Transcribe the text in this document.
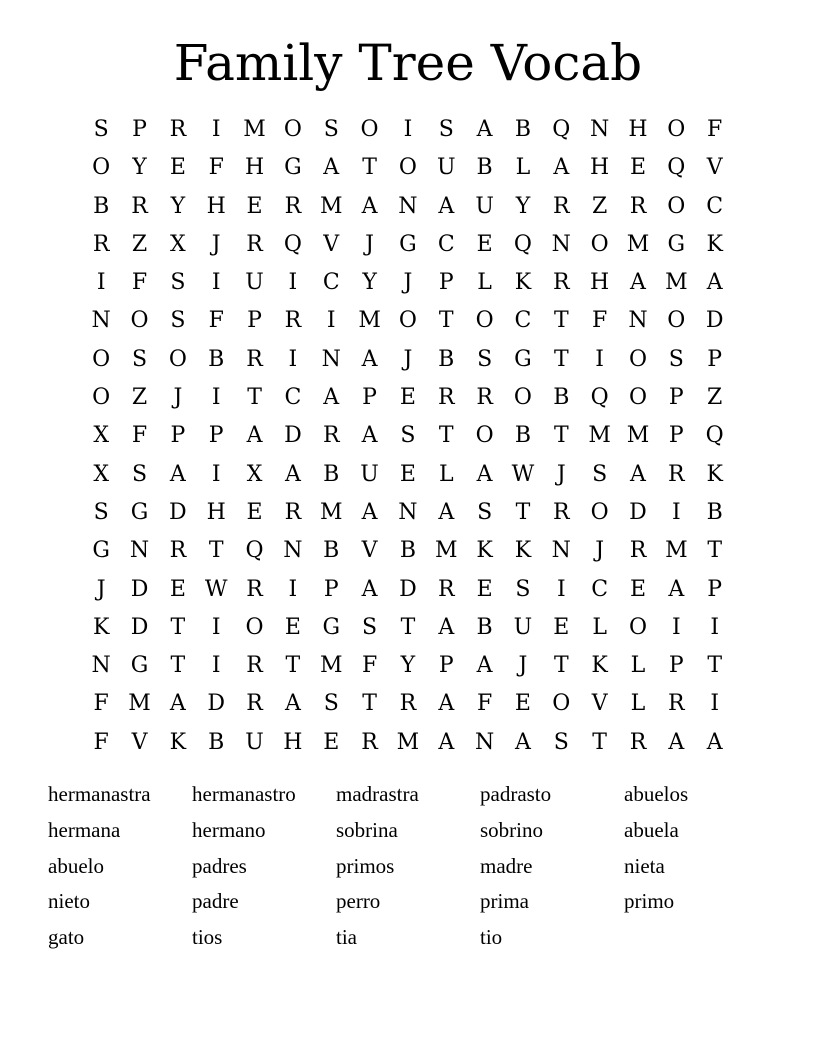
Family Tree Vocab
S	P	R	I	M O S O	I	S	A	B Q N H O F
O	Y	E	F H G A	T O U B	L	A H E Q V
B R	Y H E	R M A N A U Y	R	Z	R O C
R	Z	X	J	R Q V	J	G C E Q N O M G K
I	F	S	I	U	I	C	Y	J	P	L	K R H A M A
N O S	F	P	R	I	M O T O C	T	F N O D
O S O B R	I	N A	J	B	S	G	T	I	O S	P
O Z	J	I	T	C A	P	E	R R O B Q O P	Z
X	F	P	P	A D R	A	S	T O B	T M M P Q
X	S	A	I	X	A	B U E	L	A W	J	S	A	R K
S	G D H E	R M A N A	S	T	R O D	I	B
G N R	T Q N B	V	B M K K N	J	R M T
J	D E W R	I	P	A D R	E	S	I	C E	A	P
K D	T	I	O E G	S	T	A	B U E	L	O	I	I
N G	T	I	R	T M F	Y	P	A	J	T	K	L	P	T
F M A D R	A	S	T	R	A	F	E O V	L	R	I
F	V	K	B U H E	R M A N A	S	T	R	A	A
hermanastra	hermanastro	madrastra	padrasto	abuelos
hermana	hermano	sobrina	sobrino	abuela
abuelo	padres	primos	madre	nieta
nieto	padre	perro	prima	primo
gato	tios	tia	tio
